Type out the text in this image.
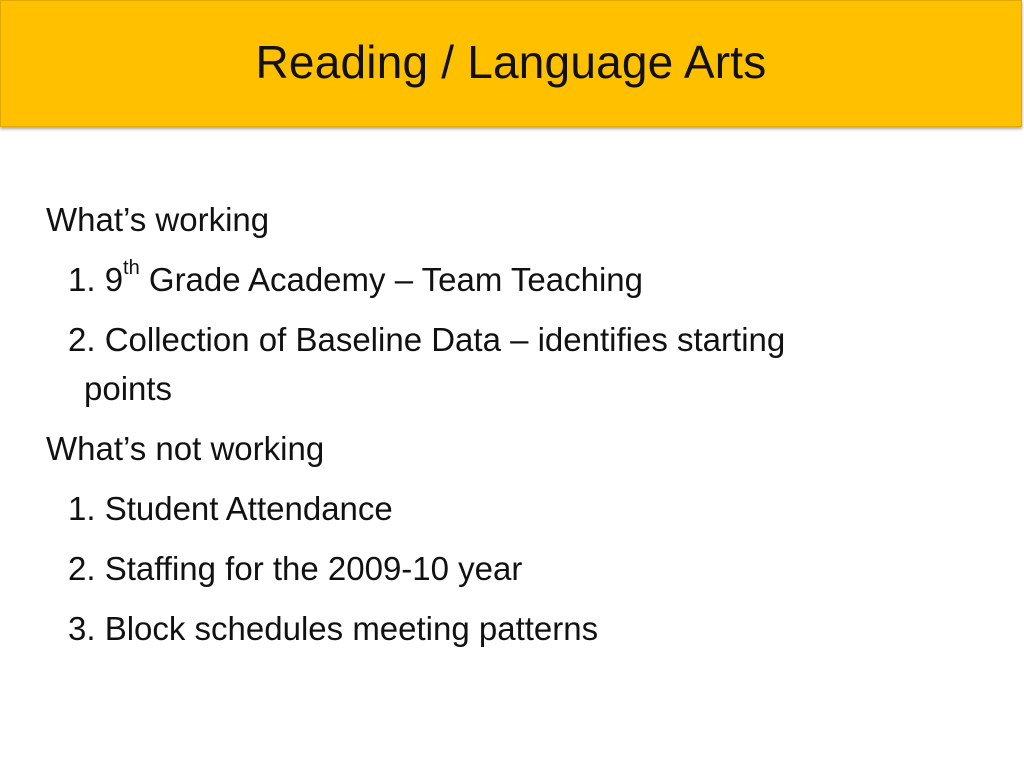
Reading / Language Arts
What’s working
1. 9th Grade Academy – Team Teaching
2. Collection of Baseline Data – identifies starting
points
What’s not working
1. Student Attendance
2. Staffing for the 2009-10 year
3. Block schedules meeting patterns
